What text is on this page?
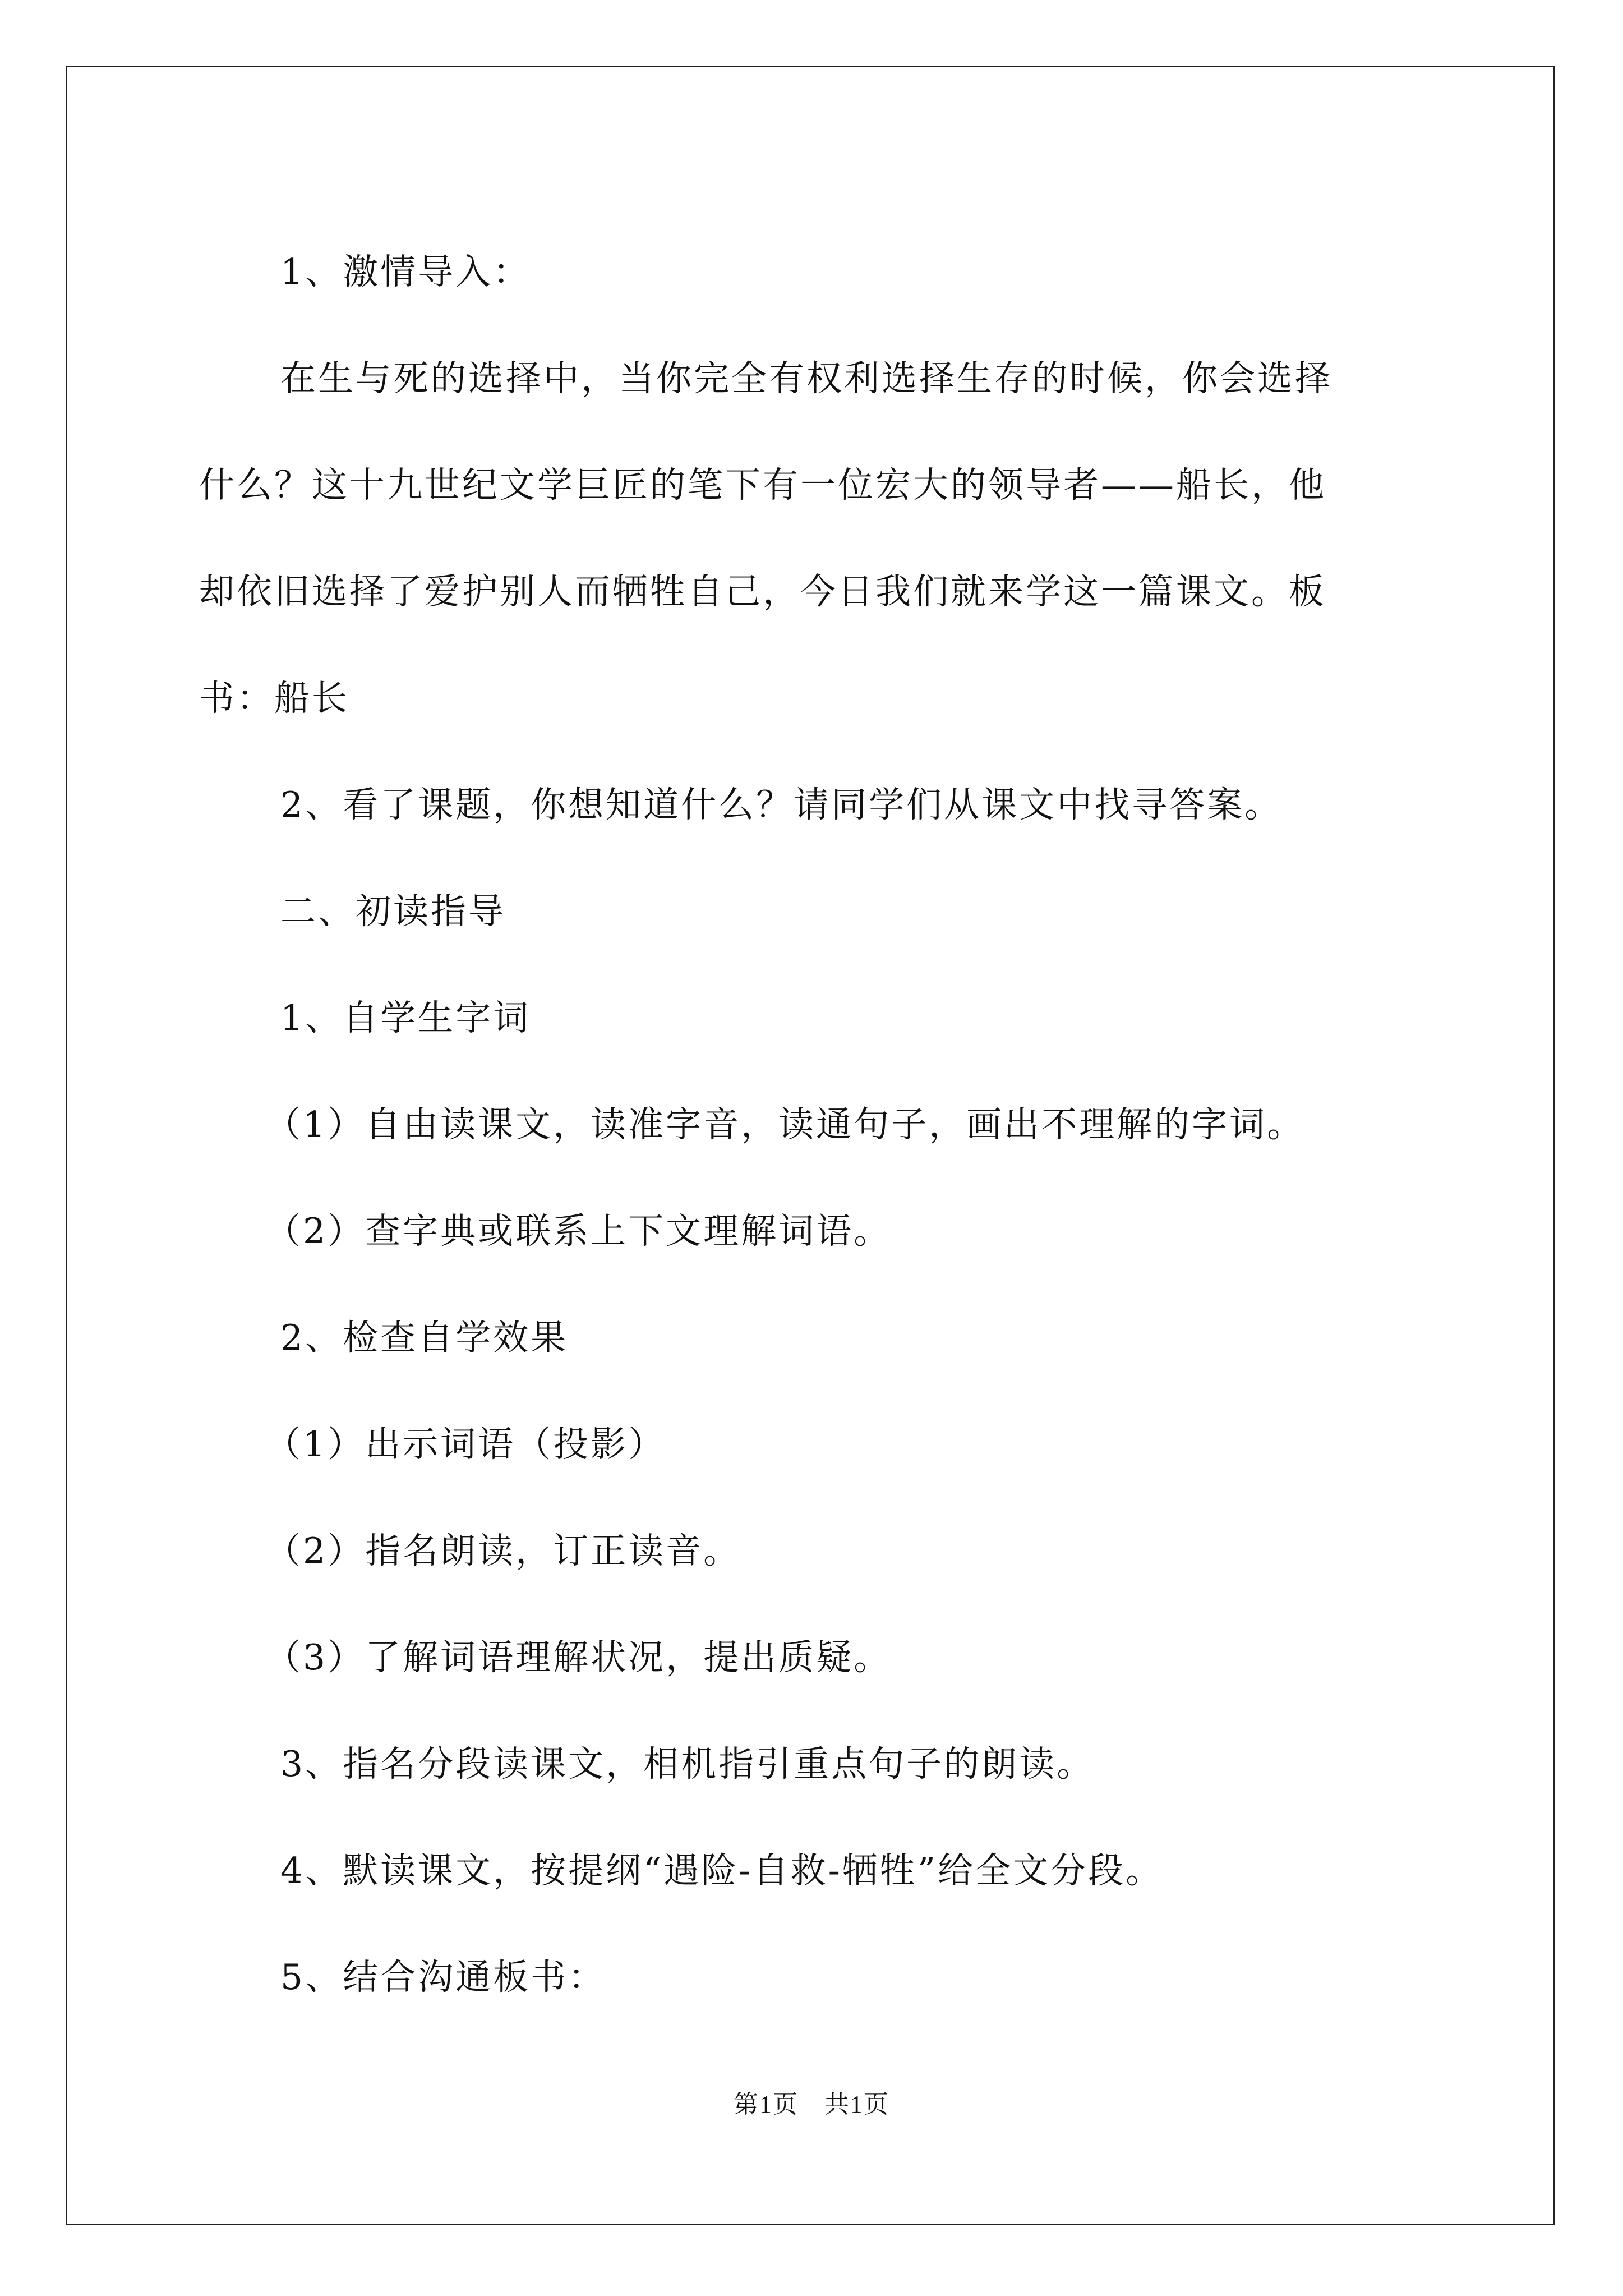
1、激情导入：
在生与死的选择中，当你完全有权利选择生存的时候，你会选择
什么？这十九世纪文学巨匠的笔下有一位宏大的领导者——船长，他
却依旧选择了爱护别人而牺牲自己，今日我们就来学这一篇课文。板
书：船长
2、看了课题，你想知道什么？请同学们从课文中找寻答案。
二、初读指导
1、自学生字词
（1）自由读课文，读准字音，读通句子，画出不理解的字词。
（2）查字典或联系上下文理解词语。
2、检查自学效果
（1）出示词语（投影）
（2）指名朗读，订正读音。
（3）了解词语理解状况，提出质疑。
3、指名分段读课文，相机指引重点句子的朗读。
4、默读课文，按提纲“遇险-自救-牺牲”给全文分段。
5、结合沟通板书：
第1页　共1页
